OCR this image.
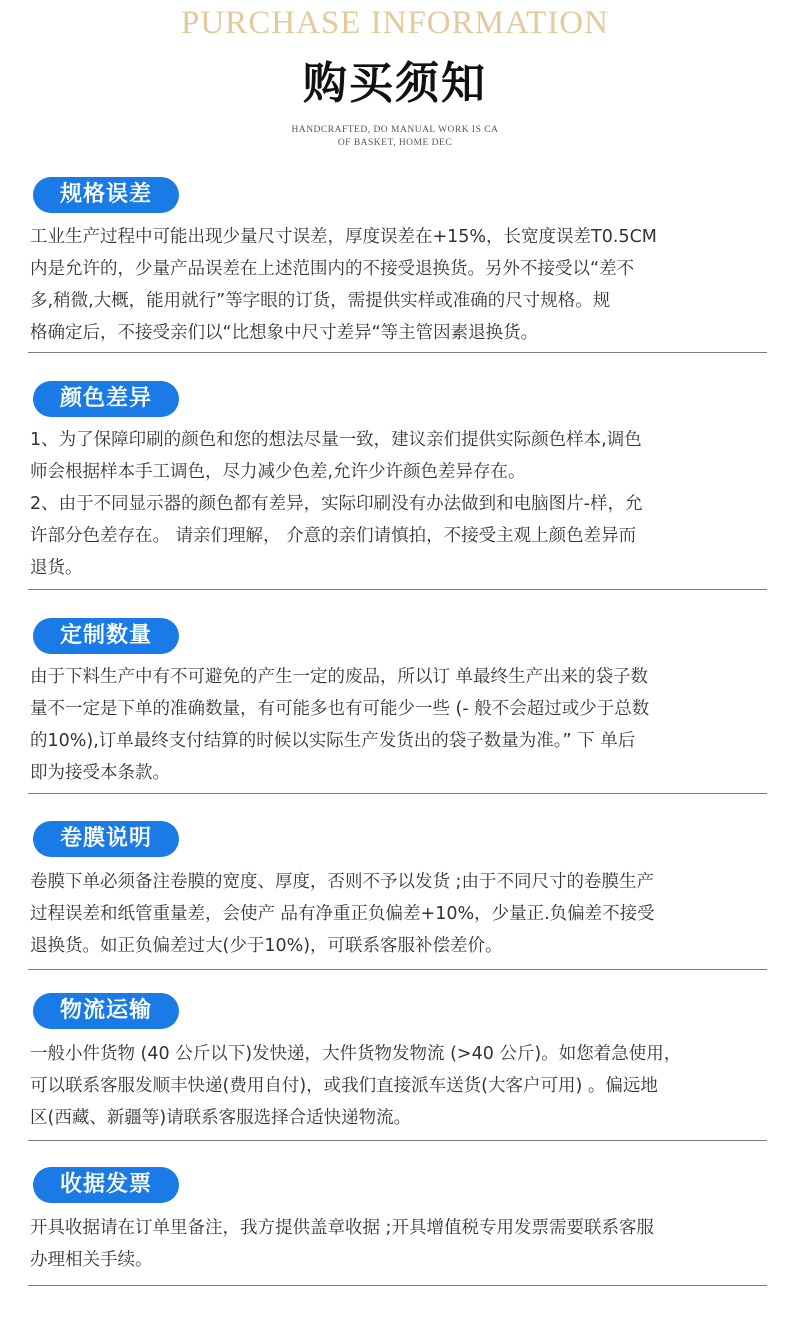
PURCHASE INFORMATION
购买须知
HANDCRAFTED, DO MANUAL WORK IS CA
OF BASKET, HOME DEC
规格误差
工业生产过程中可能出现少量尺寸误差，厚度误差在+15%，长宽度误差T0.5CM
内是允许的，少量产品误差在上述范围内的不接受退换货。另外不接受以“差不
多,稍微,大概，能用就行”等字眼的订货，需提供实样或准确的尺寸规格。规
格确定后，不接受亲们以“比想象中尺寸差异“等主管因素退换货。
颜色差异
1、为了保障印刷的颜色和您的想法尽量一致，建议亲们提供实际颜色样本,调色
师会根据样本手工调色，尽力减少色差,允许少许颜色差异存在。
2、由于不同显示器的颜色都有差异，实际印刷没有办法做到和电脑图片-样，允
许部分色差存在。 请亲们理解， 介意的亲们请慎拍，不接受主观上颜色差异而
退货。
定制数量
由于下料生产中有不可避免的产生一定的废品，所以订 单最终生产出来的袋子数
量不一定是下单的准确数量，有可能多也有可能少一些 (- 般不会超过或少于总数
的10%),订单最终支付结算的时候以实际生产发货出的袋子数量为准。” 下 单后
即为接受本条款。
卷膜说明
卷膜下单必须备注卷膜的宽度、厚度，否则不予以发货 ;由于不同尺寸的卷膜生产
过程误差和纸管重量差，会使产 品有净重正负偏差+10%，少量正.负偏差不接受
退换货。如正负偏差过大(少于10%)，可联系客服补偿差价。
物流运输
一般小件货物 (40 公斤以下)发快递，大件货物发物流 (>40 公斤)。如您着急使用，
可以联系客服发顺丰快递(费用自付)，或我们直接派车送货(大客户可用) 。偏远地
区(西藏、新疆等)请联系客服选择合适快递物流。
收据发票
开具收据请在订单里备注，我方提供盖章收据 ;开具增值税专用发票需要联系客服
办理相关手续。
